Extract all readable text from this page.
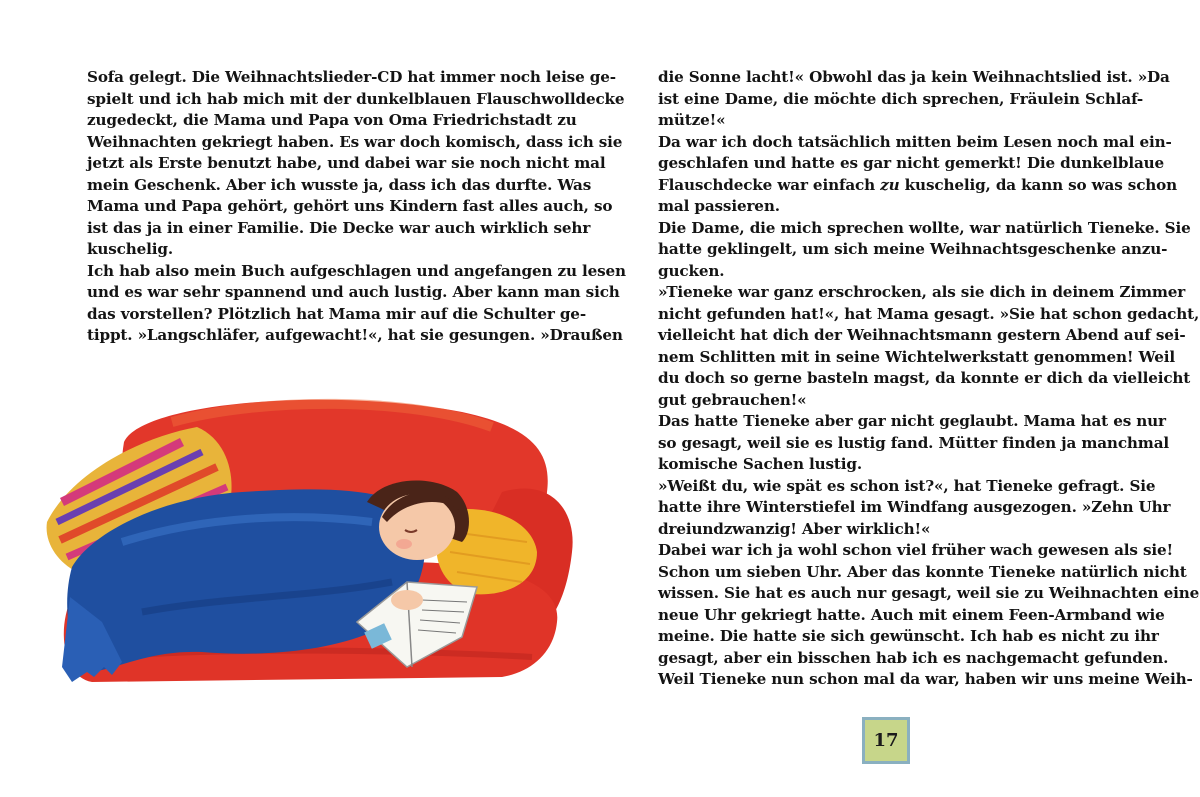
Sofa gelegt. Die Weihnachtslieder-CD hat immer noch leise ge-
spielt und ich hab mich mit der dunkelblauen Flauschwolldecke
zugedeckt, die Mama und Papa von Oma Friedrichstadt zu
Weihnachten gekriegt haben. Es war doch komisch, dass ich sie
jetzt als Erste benutzt habe, und dabei war sie noch nicht mal
mein Geschenk. Aber ich wusste ja, dass ich das durfte. Was
Mama und Papa gehört, gehört uns Kindern fast alles auch, so
ist das ja in einer Familie. Die Decke war auch wirklich sehr
kuschelig.
Ich hab also mein Buch aufgeschlagen und angefangen zu lesen
und es war sehr spannend und auch lustig. Aber kann man sich
das vorstellen? Plötzlich hat Mama mir auf die Schulter ge-
tippt. »Langschläfer, aufgewacht!«, hat sie gesungen. »Draußen
die Sonne lacht!« Obwohl das ja kein Weihnachtslied ist. »Da
ist eine Dame, die möchte dich sprechen, Fräulein Schlaf-
mütze!«
Da war ich doch tatsächlich mitten beim Lesen noch mal ein-
geschlafen und hatte es gar nicht gemerkt! Die dunkelblaue
Flauschdecke war einfach zu kuschelig, da kann so was schon
mal passieren.
Die Dame, die mich sprechen wollte, war natürlich Tieneke. Sie
hatte geklingelt, um sich meine Weihnachtsgeschenke anzu-
gucken.
»Tieneke war ganz erschrocken, als sie dich in deinem Zimmer
nicht gefunden hat!«, hat Mama gesagt. »Sie hat schon gedacht,
vielleicht hat dich der Weihnachtsmann gestern Abend auf sei-
nem Schlitten mit in seine Wichtelwerkstatt genommen! Weil
du doch so gerne basteln magst, da konnte er dich da vielleicht
gut gebrauchen!«
Das hatte Tieneke aber gar nicht geglaubt. Mama hat es nur
so gesagt, weil sie es lustig fand. Mütter finden ja manchmal
komische Sachen lustig.
»Weißt du, wie spät es schon ist?«, hat Tieneke gefragt. Sie
hatte ihre Winterstiefel im Windfang ausgezogen. »Zehn Uhr
dreiundzwanzig! Aber wirklich!«
Dabei war ich ja wohl schon viel früher wach gewesen als sie!
Schon um sieben Uhr. Aber das konnte Tieneke natürlich nicht
wissen. Sie hat es auch nur gesagt, weil sie zu Weihnachten eine
neue Uhr gekriegt hatte. Auch mit einem Feen-Armband wie
meine. Die hatte sie sich gewünscht. Ich hab es nicht zu ihr
gesagt, aber ein bisschen hab ich es nachgemacht gefunden.
Weil Tieneke nun schon mal da war, haben wir uns meine Weih-
17
